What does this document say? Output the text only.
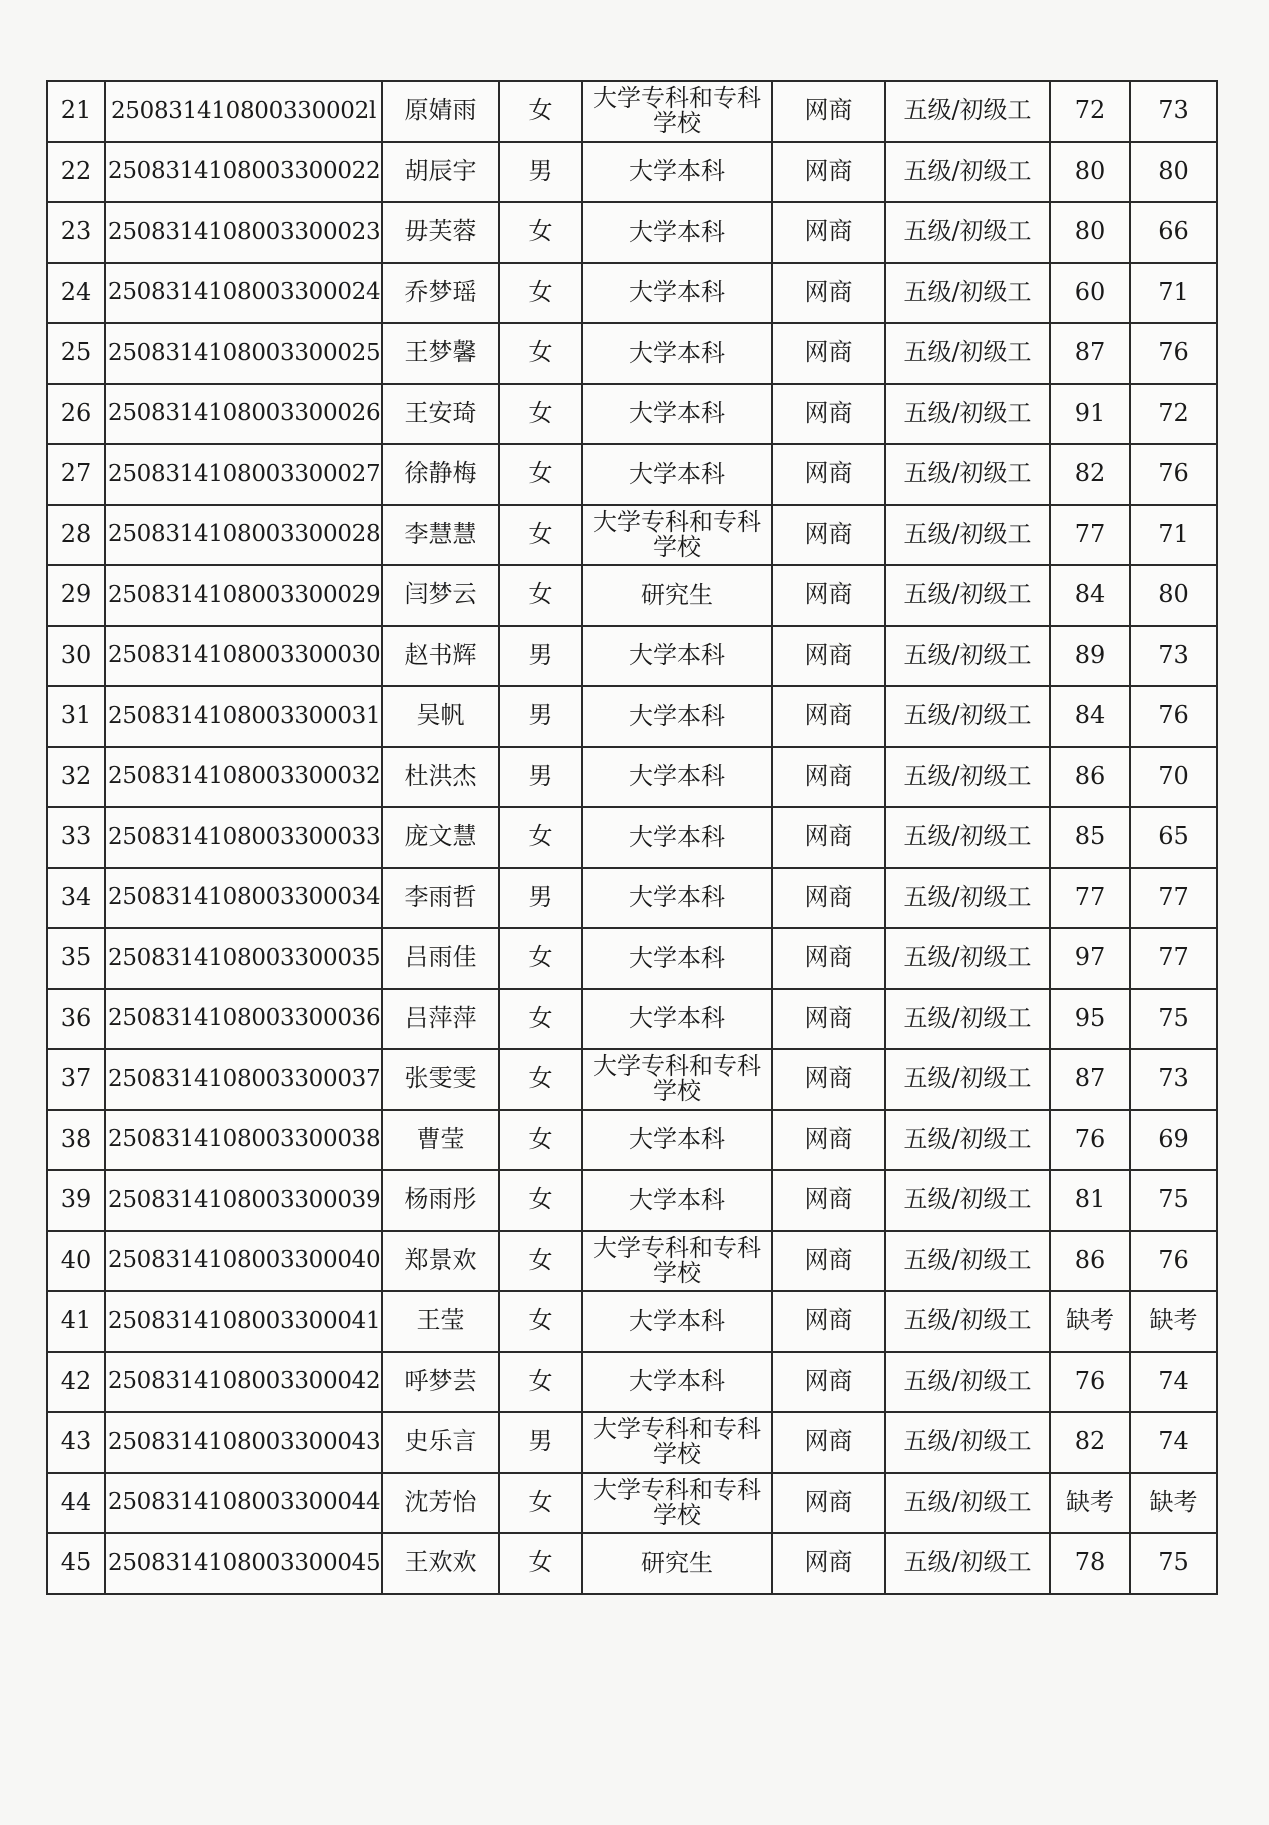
21	250831410800330002l	原婧雨	女	大学专科和专科学校	网商	五级/初级工	72	73
22	2508314108003300022	胡辰宇	男	大学本科	网商	五级/初级工	80	80
23	2508314108003300023	毋芙蓉	女	大学本科	网商	五级/初级工	80	66
24	2508314108003300024	乔梦瑶	女	大学本科	网商	五级/初级工	60	71
25	2508314108003300025	王梦馨	女	大学本科	网商	五级/初级工	87	76
26	2508314108003300026	王安琦	女	大学本科	网商	五级/初级工	91	72
27	2508314108003300027	徐静梅	女	大学本科	网商	五级/初级工	82	76
28	2508314108003300028	李慧慧	女	大学专科和专科学校	网商	五级/初级工	77	71
29	2508314108003300029	闫梦云	女	研究生	网商	五级/初级工	84	80
30	2508314108003300030	赵书辉	男	大学本科	网商	五级/初级工	89	73
31	2508314108003300031	吴帆	男	大学本科	网商	五级/初级工	84	76
32	2508314108003300032	杜洪杰	男	大学本科	网商	五级/初级工	86	70
33	2508314108003300033	庞文慧	女	大学本科	网商	五级/初级工	85	65
34	2508314108003300034	李雨哲	男	大学本科	网商	五级/初级工	77	77
35	2508314108003300035	吕雨佳	女	大学本科	网商	五级/初级工	97	77
36	2508314108003300036	吕萍萍	女	大学本科	网商	五级/初级工	95	75
37	2508314108003300037	张雯雯	女	大学专科和专科学校	网商	五级/初级工	87	73
38	2508314108003300038	曹莹	女	大学本科	网商	五级/初级工	76	69
39	2508314108003300039	杨雨彤	女	大学本科	网商	五级/初级工	81	75
40	2508314108003300040	郑景欢	女	大学专科和专科学校	网商	五级/初级工	86	76
41	2508314108003300041	王莹	女	大学本科	网商	五级/初级工	缺考	缺考
42	2508314108003300042	呼梦芸	女	大学本科	网商	五级/初级工	76	74
43	2508314108003300043	史乐言	男	大学专科和专科学校	网商	五级/初级工	82	74
44	2508314108003300044	沈芳怡	女	大学专科和专科学校	网商	五级/初级工	缺考	缺考
45	2508314108003300045	王欢欢	女	研究生	网商	五级/初级工	78	75
